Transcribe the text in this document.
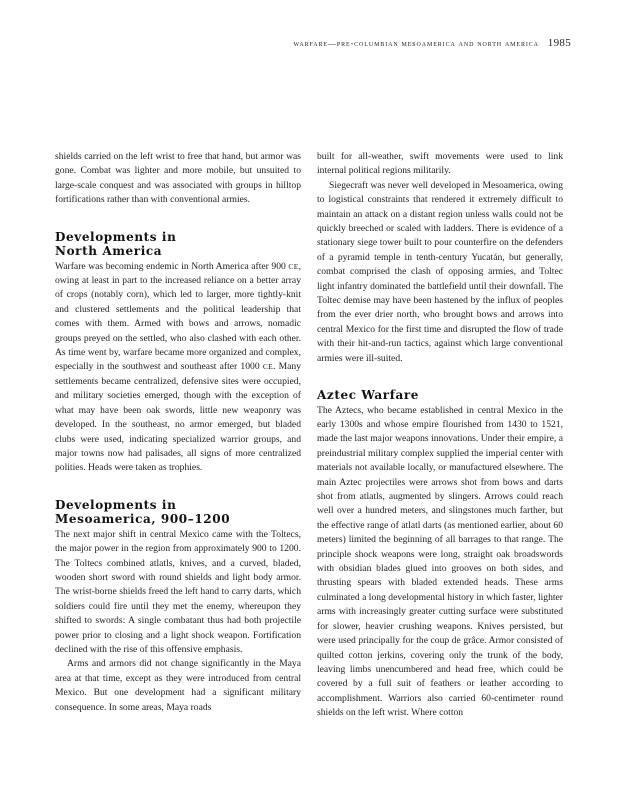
warfare—pre-columbian mesoamerica and north america 1985

shields carried on the left wrist to free that hand, but armor was gone. Combat was lighter and more mobile, but unsuited to large-scale conquest and was associated with groups in hilltop fortifications rather than with conventional armies.

Developments in
North America

Warfare was becoming endemic in North America after 900 CE, owing at least in part to the increased reliance on a better array of crops (notably corn), which led to larger, more tightly-knit and clustered settlements and the political leadership that comes with them. Armed with bows and arrows, nomadic groups preyed on the settled, who also clashed with each other. As time went by, warfare became more organized and complex, especially in the southwest and southeast after 1000 CE. Many settlements became centralized, defensive sites were occupied, and military societies emerged, though with the exception of what may have been oak swords, little new weaponry was developed. In the southeast, no armor emerged, but bladed clubs were used, indicating specialized warrior groups, and major towns now had palisades, all signs of more centralized polities. Heads were taken as trophies.

Developments in
Mesoamerica, 900–1200

The next major shift in central Mexico came with the Toltecs, the major power in the region from approximately 900 to 1200. The Toltecs combined atlatls, knives, and a curved, bladed, wooden short sword with round shields and light body armor. The wrist-borne shields freed the left hand to carry darts, which soldiers could fire until they met the enemy, whereupon they shifted to swords: A single combatant thus had both projectile power prior to closing and a light shock weapon. Fortification declined with the rise of this offensive emphasis.

Arms and armors did not change significantly in the Maya area at that time, except as they were introduced from central Mexico. But one development had a significant military consequence. In some areas, Maya roads

built for all-weather, swift movements were used to link internal political regions militarily.

Siegecraft was never well developed in Mesoamerica, owing to logistical constraints that rendered it extremely difficult to maintain an attack on a distant region unless walls could not be quickly breeched or scaled with ladders. There is evidence of a stationary siege tower built to pour counterfire on the defenders of a pyramid temple in tenth-century Yucatán, but generally, combat comprised the clash of opposing armies, and Toltec light infantry dominated the battlefield until their downfall. The Toltec demise may have been hastened by the influx of peoples from the ever drier north, who brought bows and arrows into central Mexico for the first time and disrupted the flow of trade with their hit-and-run tactics, against which large conventional armies were ill-suited.

Aztec Warfare

The Aztecs, who became established in central Mexico in the early 1300s and whose empire flourished from 1430 to 1521, made the last major weapons innovations. Under their empire, a preindustrial military complex supplied the imperial center with materials not available locally, or manufactured elsewhere. The main Aztec projectiles were arrows shot from bows and darts shot from atlatls, augmented by slingers. Arrows could reach well over a hundred meters, and slingstones much farther, but the effective range of atlatl darts (as mentioned earlier, about 60 meters) limited the beginning of all barrages to that range. The principle shock weapons were long, straight oak broadswords with obsidian blades glued into grooves on both sides, and thrusting spears with bladed extended heads. These arms culminated a long developmental history in which faster, lighter arms with increasingly greater cutting surface were substituted for slower, heavier crushing weapons. Knives persisted, but were used principally for the coup de grâce. Armor consisted of quilted cotton jerkins, covering only the trunk of the body, leaving limbs unencumbered and head free, which could be covered by a full suit of feathers or leather according to accomplishment. Warriors also carried 60-centimeter round shields on the left wrist. Where cotton
